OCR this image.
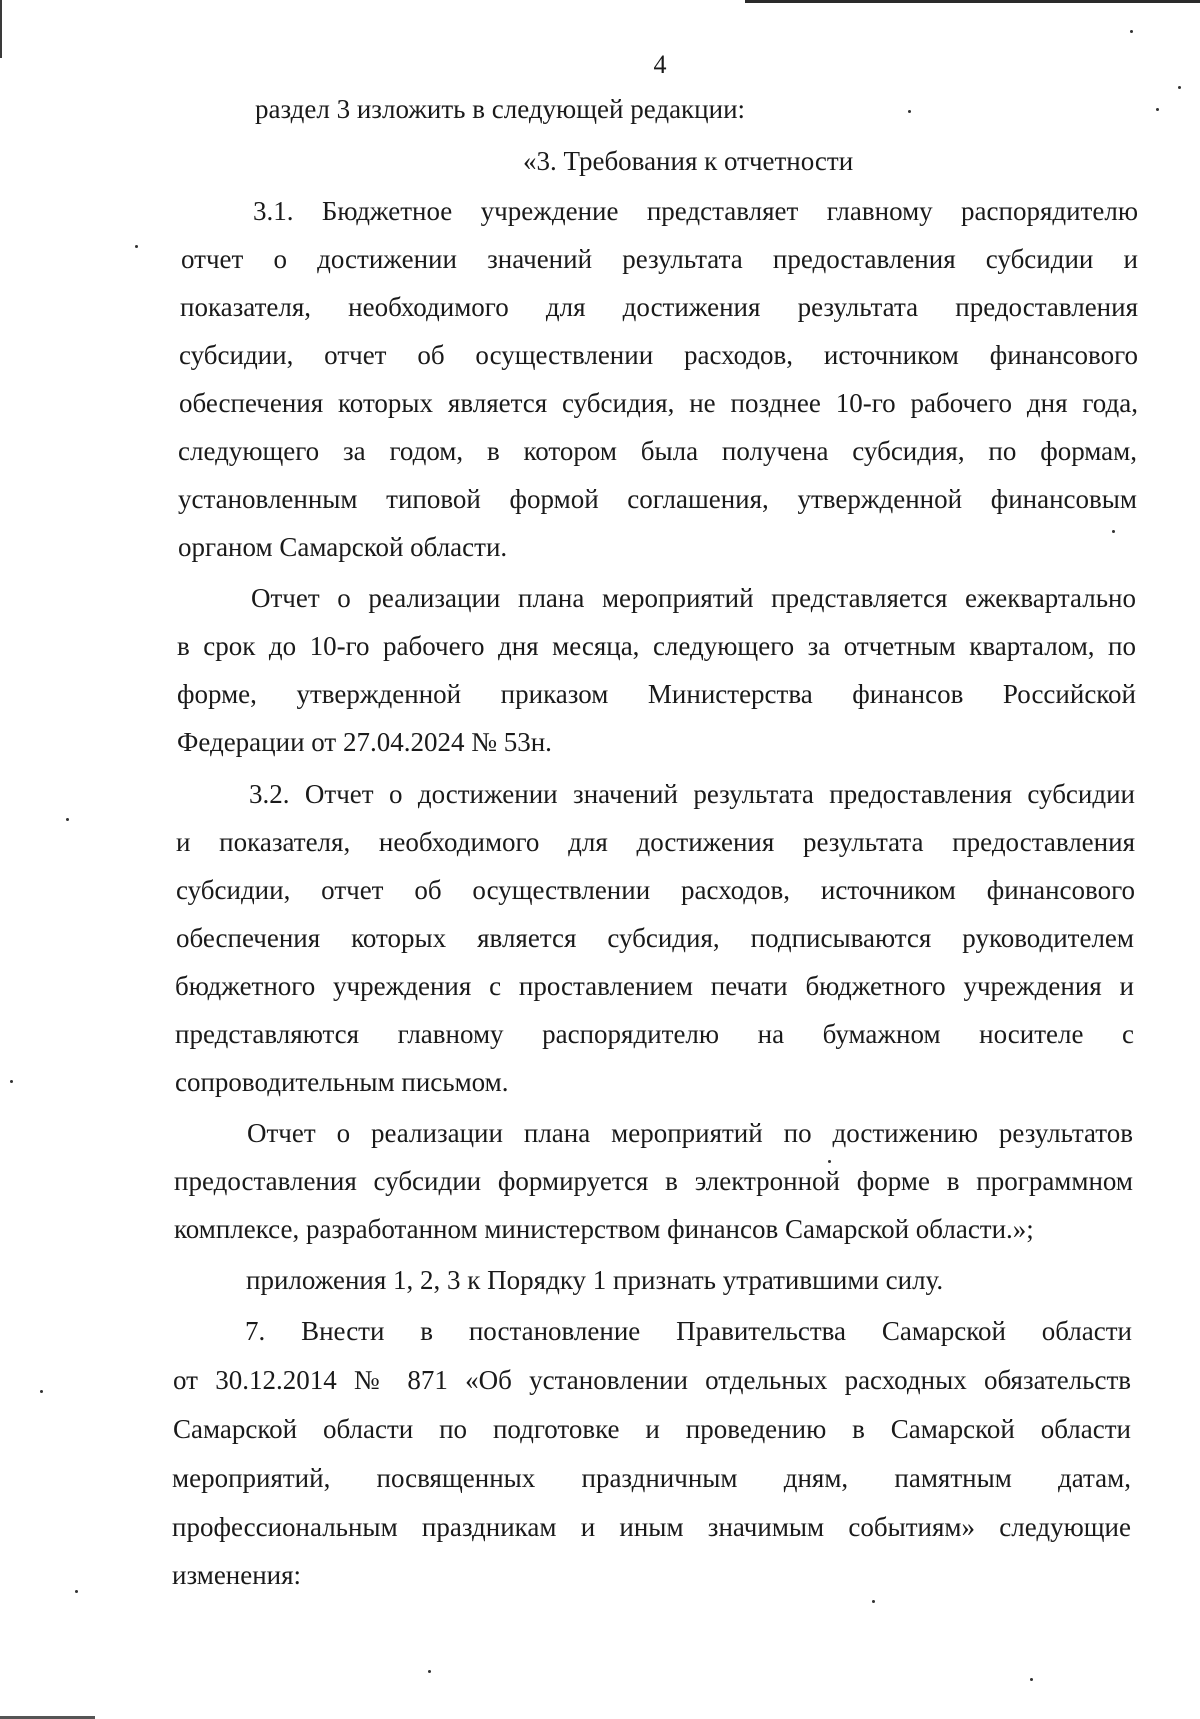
4
раздел 3 изложить в следующей редакции:
«3. Требования к отчетности
3.1. Бюджетное учреждение представляет главному распорядителю
отчет о достижении значений результата предоставления субсидии и
показателя, необходимого для достижения результата предоставления
субсидии, отчет об осуществлении расходов, источником финансового
обеспечения которых является субсидия, не позднее 10-го рабочего дня года,
следующего за годом, в котором была получена субсидия, по формам,
установленным типовой формой соглашения, утвержденной финансовым
органом Самарской области.
Отчет о реализации плана мероприятий представляется ежеквартально
в срок до 10-го рабочего дня месяца, следующего за отчетным кварталом, по
форме, утвержденной приказом Министерства финансов Российской
Федерации от 27.04.2024 № 53н.
3.2. Отчет о достижении значений результата предоставления субсидии
и показателя, необходимого для достижения результата предоставления
субсидии, отчет об осуществлении расходов, источником финансового
обеспечения которых является субсидия, подписываются руководителем
бюджетного учреждения с проставлением печати бюджетного учреждения и
представляются главному распорядителю на бумажном носителе с
сопроводительным письмом.
Отчет о реализации плана мероприятий по достижению результатов
предоставления субсидии формируется в электронной форме в программном
комплексе, разработанном министерством финансов Самарской области.»;
приложения 1, 2, 3 к Порядку 1 признать утратившими силу.
7. Внести в постановление Правительства Самарской области
от 30.12.2014 № 871 «Об установлении отдельных расходных обязательств
Самарской области по подготовке и проведению в Самарской области
мероприятий, посвященных праздничным дням, памятным датам,
профессиональным праздникам и иным значимым событиям» следующие
изменения:
